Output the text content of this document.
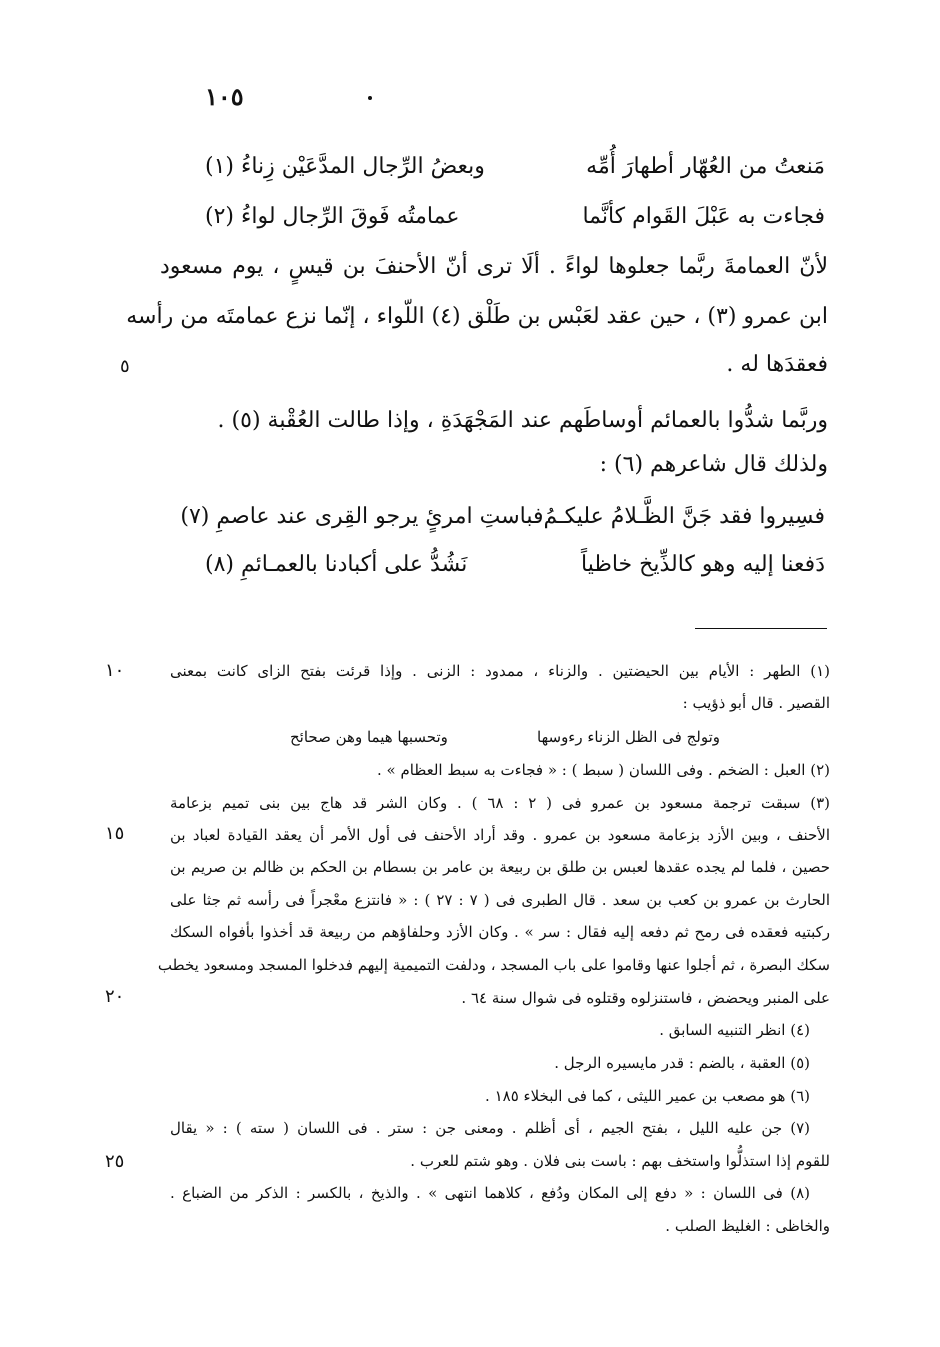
١٠٥
مَنعتُ من العُهّار أطهارَ أُمِّه
وبعضُ الرِّجال المدَّعَيْن زِناءُ (١)
فجاءت به عَبْلَ القَوام كأنَّما
عمامتُه فَوقَ الرِّجال لواءُ (٢)
لأنّ العمامةَ ربَّما جعلوها لواءً . ألَا ترى أنّ الأحنفَ بن قيسٍ ، يوم مسعود
ابن عمرو (٣) ، حين عقد لعَبْس بن طَلْق (٤) اللّواء ، إنّما نزع عمامتَه من رأسه
فعقدَها له .
٥
وربَّما شدُّوا بالعمائم أوساطَهم عند المَجْهَدَةِ ، وإذا طالت العُقْبة (٥) .
ولذلك قال شاعرهم (٦) :
فسِيروا فقد جَنَّ الظَّـلامُ عليكـمُ
فباستِ امرئٍ يرجو القِرى عند عاصمِ (٧)
دَفعنا إليه وهو كالذِّيخ خاظياً
نَشُدُّ على أكبادنا بالعمـائمِ (٨)
(١) الطهر : الأيام بين الحيضتين . والزناء ، ممدود : الزنى . وإذا قرئت بفتح الزاى كانت بمعنى
١٠
القصير . قال أبو ذؤيب :
وتولج فى الظل الزناء رءوسها
وتحسبها هيما وهن صحائح
(٢) العبل : الضخم . وفى اللسان ( سبط ) : « فجاءت به سبط العظام » .
(٣) سبقت ترجمة مسعود بن عمرو فى ( ٢ : ٦٨ ) . وكان الشر قد هاج بين بنى تميم بزعامة
الأحنف ، وبين الأزد بزعامة مسعود بن عمرو . وقد أراد الأحنف فى أول الأمر أن يعقد القيادة لعباد بن
١٥
حصين ، فلما لم يجده عقدها لعبس بن طلق بن ربيعة بن عامر بن بسطام بن الحكم بن ظالم بن صريم بن
الحارث بن عمرو بن كعب بن سعد . قال الطبرى فى ( ٧ : ٢٧ ) : « فانتزع معْجراً فى رأسه ثم جثا على
ركبتيه فعقده فى رمح ثم دفعه إليه فقال : سر » . وكان الأزد وحلفاؤهم من ربيعة قد أخذوا بأفواه السكك
سكك البصرة ، ثم أجلوا عنها وقاموا على باب المسجد ، ودلفت التميمية إليهم فدخلوا المسجد ومسعود يخطب
٢٠	على المنبر ويحضض ، فاستنزلوه وقتلوه فى شوال سنة ٦٤ .
(٤) انظر التنبيه السابق .
(٥) العقبة ، بالضم : قدر مايسيره الرجل .
(٦) هو مصعب بن عمير الليثى ، كما فى البخلاء ١٨٥ .
(٧) جن عليه الليل ، بفتح الجيم ، أى أظلم . ومعنى جن : ستر . فى اللسان ( سته ) : « يقال
للقوم إذا استذلُّوا واستخف بهم : باست بنى فلان . وهو شتم للعرب .
٢٥
(٨) فى اللسان : « دفع إلى المكان ودُفع ، كلاهما انتهى » . والذيخ ، بالكسر : الذكر من الضباع .
والخاظى : الغليظ الصلب .
